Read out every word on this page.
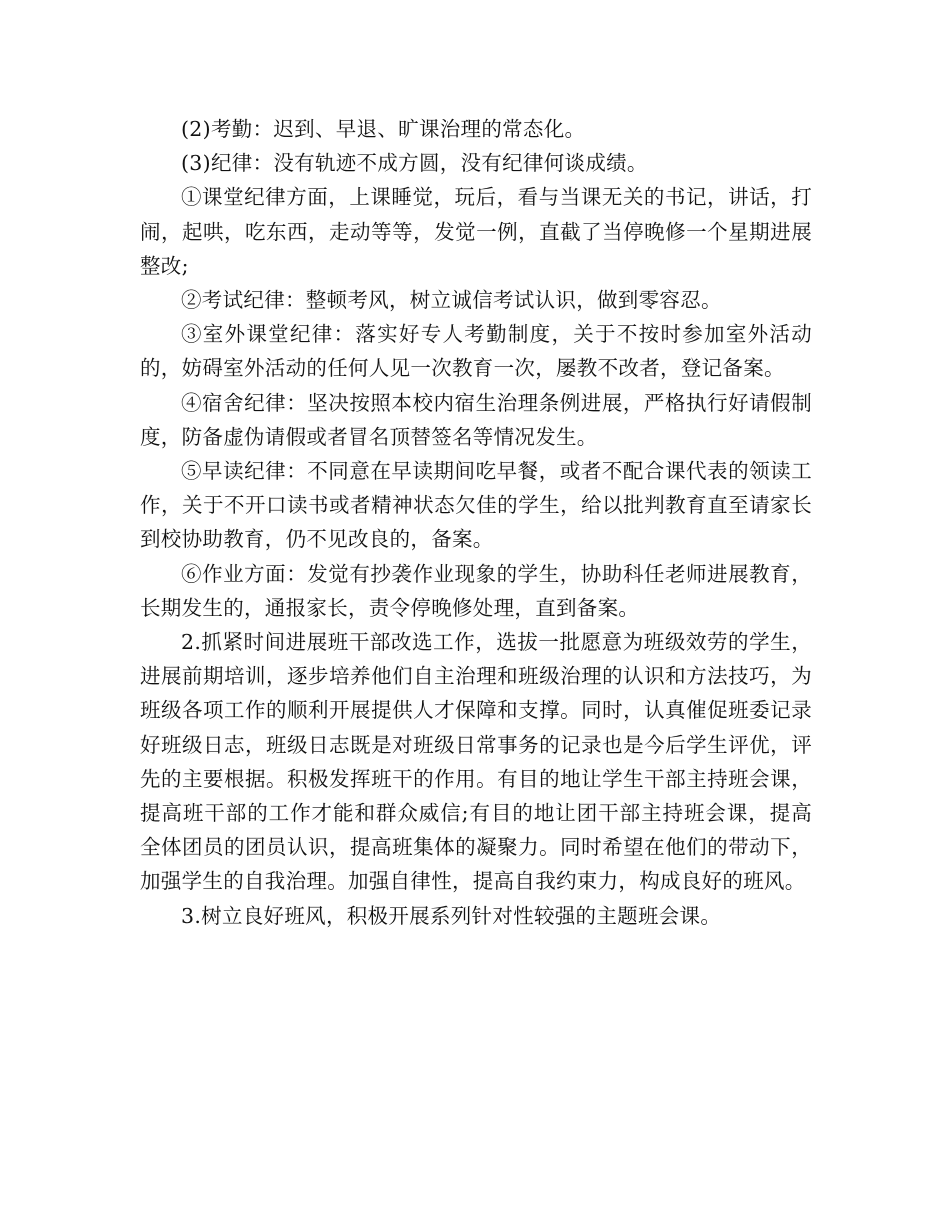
(2)考勤：迟到、早退、旷课治理的常态化。

(3)纪律：没有轨迹不成方圆，没有纪律何谈成绩。

①课堂纪律方面，上课睡觉，玩后，看与当课无关的书记，讲话，打闹，起哄，吃东西，走动等等，发觉一例，直截了当停晚修一个星期进展整改;

②考试纪律：整顿考风，树立诚信考试认识，做到零容忍。

③室外课堂纪律：落实好专人考勤制度，关于不按时参加室外活动的，妨碍室外活动的任何人见一次教育一次，屡教不改者，登记备案。

④宿舍纪律：坚决按照本校内宿生治理条例进展，严格执行好请假制度，防备虚伪请假或者冒名顶替签名等情况发生。

⑤早读纪律：不同意在早读期间吃早餐，或者不配合课代表的领读工作，关于不开口读书或者精神状态欠佳的学生，给以批判教育直至请家长到校协助教育，仍不见改良的，备案。

⑥作业方面：发觉有抄袭作业现象的学生，协助科任老师进展教育，长期发生的，通报家长，责令停晚修处理，直到备案。

2.抓紧时间进展班干部改选工作，选拔一批愿意为班级效劳的学生，进展前期培训，逐步培养他们自主治理和班级治理的认识和方法技巧，为班级各项工作的顺利开展提供人才保障和支撑。同时，认真催促班委记录好班级日志，班级日志既是对班级日常事务的记录也是今后学生评优，评先的主要根据。积极发挥班干的作用。有目的地让学生干部主持班会课，提高班干部的工作才能和群众威信;有目的地让团干部主持班会课，提高全体团员的团员认识，提高班集体的凝聚力。同时希望在他们的带动下，加强学生的自我治理。加强自律性，提高自我约束力，构成良好的班风。

3.树立良好班风，积极开展系列针对性较强的主题班会课。
